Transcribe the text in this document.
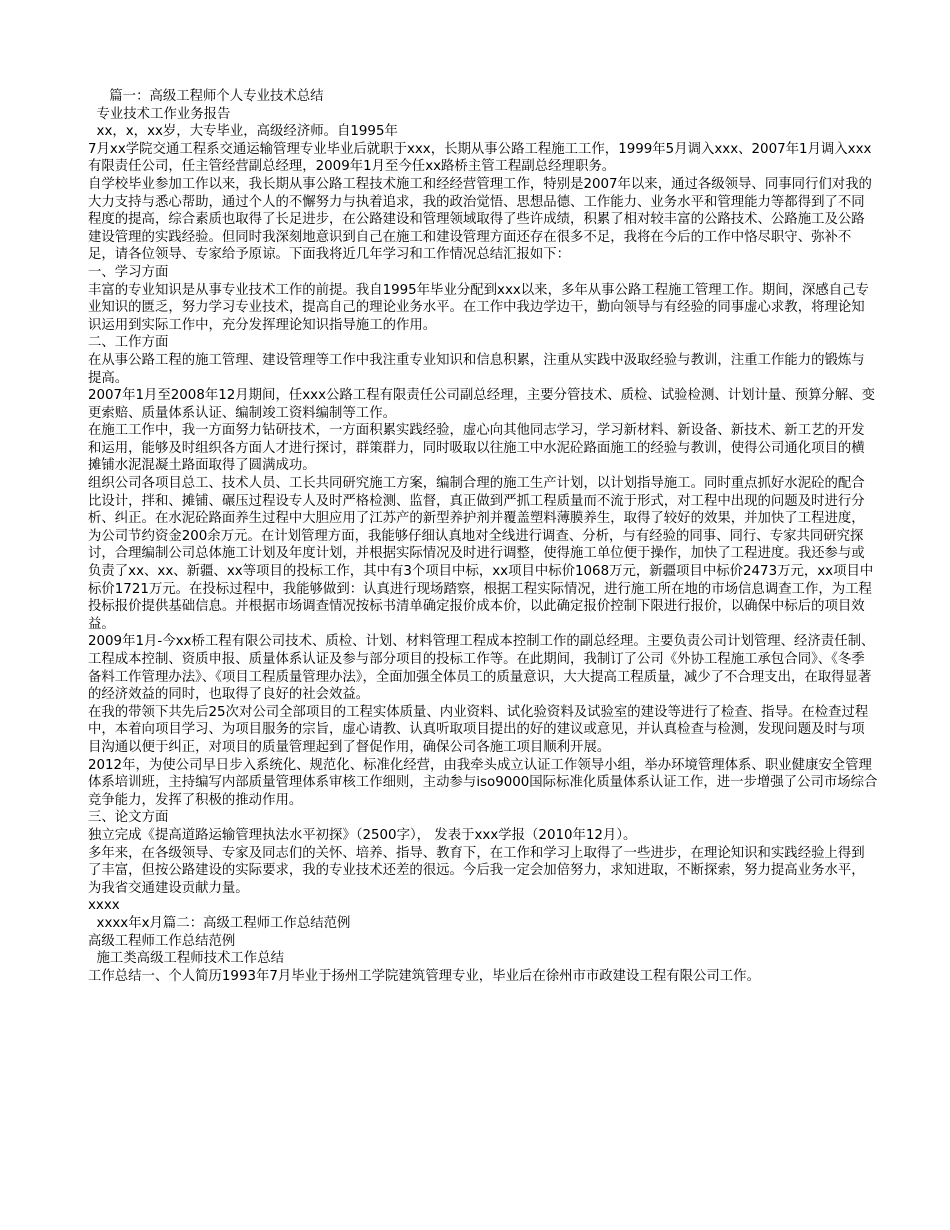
篇一：高级工程师个人专业技术总结

专业技术工作业务报告

xx，x，xx岁，大专毕业，高级经济师。自1995年

7月xx学院交通工程系交通运输管理专业毕业后就职于xxx，长期从事公路工程施工工作，1999年5月调入xxx、2007年1月调入xxx有限责任公司，任主管经营副总经理，2009年1月至今任xx路桥主管工程副总经理职务。

自学校毕业参加工作以来，我长期从事公路工程技术施工和经经营管理工作，特别是2007年以来，通过各级领导、同事同行们对我的大力支持与悉心帮助，通过个人的不懈努力与执着追求，我的政治觉悟、思想品德、工作能力、业务水平和管理能力等都得到了不同程度的提高，综合素质也取得了长足进步，在公路建设和管理领域取得了些许成绩，积累了相对较丰富的公路技术、公路施工及公路建设管理的实践经验。但同时我深刻地意识到自己在施工和建设管理方面还存在很多不足，我将在今后的工作中恪尽职守、弥补不足，请各位领导、专家给予原谅。下面我将近几年学习和工作情况总结汇报如下：

一、学习方面

丰富的专业知识是从事专业技术工作的前提。我自1995年毕业分配到xxx以来，多年从事公路工程施工管理工作。期间，深感自己专业知识的匮乏，努力学习专业技术，提高自己的理论业务水平。在工作中我边学边干，勤向领导与有经验的同事虚心求教，将理论知识运用到实际工作中，充分发挥理论知识指导施工的作用。

二、工作方面

在从事公路工程的施工管理、建设管理等工作中我注重专业知识和信息积累，注重从实践中汲取经验与教训，注重工作能力的锻炼与提高。

2007年1月至2008年12月期间，任xxx公路工程有限责任公司副总经理，主要分管技术、质检、试验检测、计划计量、预算分解、变更索赔、质量体系认证、编制竣工资料编制等工作。

在施工工作中，我一方面努力钻研技术，一方面积累实践经验，虚心向其他同志学习，学习新材料、新设备、新技术、新工艺的开发和运用，能够及时组织各方面人才进行探讨，群策群力，同时吸取以往施工中水泥砼路面施工的经验与教训，使得公司通化项目的横摊铺水泥混凝土路面取得了圆满成功。

组织公司各项目总工、技术人员、工长共同研究施工方案，编制合理的施工生产计划，以计划指导施工。同时重点抓好水泥砼的配合比设计，拌和、摊铺、碾压过程设专人及时严格检测、监督，真正做到严抓工程质量而不流于形式，对工程中出现的问题及时进行分析、纠正。在水泥砼路面养生过程中大胆应用了江苏产的新型养护剂并覆盖塑料薄膜养生，取得了较好的效果，并加快了工程进度，为公司节约资金200余万元。在计划管理方面，我能够仔细认真地对全线进行调查、分析，与有经验的同事、同行、专家共同研究探讨，合理编制公司总体施工计划及年度计划，并根据实际情况及时进行调整，使得施工单位便于操作，加快了工程进度。我还参与或负责了xx、xx、新疆、xx等项目的投标工作，其中有3个项目中标，xx项目中标价1068万元，新疆项目中标价2473万元，xx项目中标价1721万元。在投标过程中，我能够做到：认真进行现场踏察，根据工程实际情况，进行施工所在地的市场信息调查工作，为工程投标报价提供基础信息。并根据市场调查情况按标书清单确定报价成本价，以此确定报价控制下限进行报价，以确保中标后的项目效益。

2009年1月-今xx桥工程有限公司技术、质检、计划、材料管理工程成本控制工作的副总经理。主要负责公司计划管理、经济责任制、工程成本控制、资质申报、质量体系认证及参与部分项目的投标工作等。在此期间，我制订了公司《外协工程施工承包合同》、《冬季备料工作管理办法》、《项目工程质量管理办法》，全面加强全体员工的质量意识，大大提高工程质量，减少了不合理支出，在取得显著的经济效益的同时，也取得了良好的社会效益。

在我的带领下共先后25次对公司全部项目的工程实体质量、内业资料、试化验资料及试验室的建设等进行了检查、指导。在检查过程中，本着向项目学习、为项目服务的宗旨，虚心请教、认真听取项目提出的好的建议或意见，并认真检查与检测，发现问题及时与项目沟通以便于纠正，对项目的质量管理起到了督促作用，确保公司各施工项目顺利开展。

2012年，为使公司早日步入系统化、规范化、标准化经营，由我牵头成立认证工作领导小组，举办环境管理体系、职业健康安全管理体系培训班，主持编写内部质量管理体系审核工作细则，主动参与iso9000国际标准化质量体系认证工作，进一步增强了公司市场综合竞争能力，发挥了积极的推动作用。

三、论文方面

独立完成《提高道路运输管理执法水平初探》（2500字）， 发表于xxx学报（2010年12月）。

多年来，在各级领导、专家及同志们的关怀、培养、指导、教育下，在工作和学习上取得了一些进步，在理论知识和实践经验上得到了丰富，但按公路建设的实际要求，我的专业技术还差的很远。今后我一定会加倍努力，求知进取，不断探索，努力提高业务水平，为我省交通建设贡献力量。

xxxx

xxxx年x月篇二：高级工程师工作总结范例

高级工程师工作总结范例

施工类高级工程师技术工作总结

工作总结一、个人简历1993年7月毕业于扬州工学院建筑管理专业，毕业后在徐州市市政建设工程有限公司工作。
